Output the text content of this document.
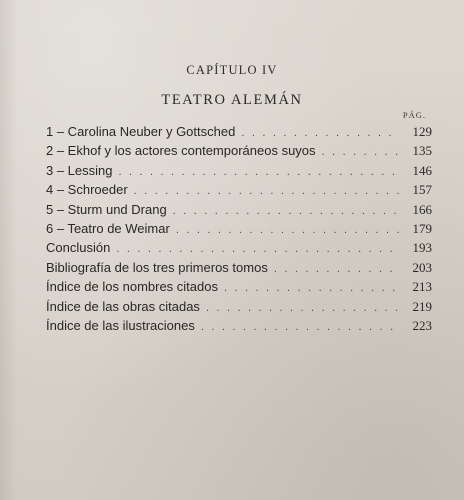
CAPÍTULO IV
TEATRO ALEMÁN
PÁG.
1 – Carolina Neuber y Gottsched . . .	129
2 – Ekhof y los actores contemporáneos suyos . . .	135
3 – Lessing . . .	146
4 – Schroeder . . .	157
5 – Sturm und Drang . . .	166
6 – Teatro de Weimar . . .	179
Conclusión . . .	193
Bibliografía de los tres primeros tomos . . .	203
Índice de los nombres citados . . .	213
Índice de las obras citadas . . .	219
Índice de las ilustraciones . . .	223
